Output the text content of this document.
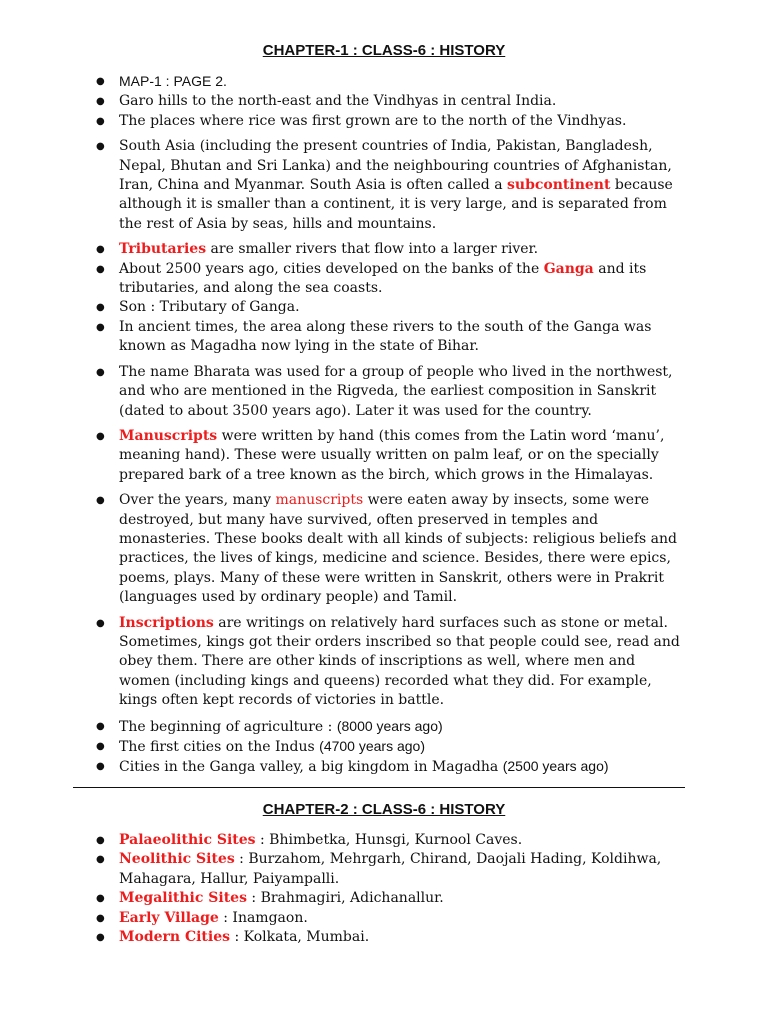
CHAPTER-1 : CLASS-6 : HISTORY
● MAP-1 : PAGE 2.
● Garo hills to the north-east and the Vindhyas in central India.
● The places where rice was first grown are to the north of the Vindhyas.
● South Asia (including the present countries of India, Pakistan, Bangladesh, Nepal, Bhutan and Sri Lanka) and the neighbouring countries of Afghanistan, Iran, China and Myanmar. South Asia is often called a subcontinent because although it is smaller than a continent, it is very large, and is separated from the rest of Asia by seas, hills and mountains.
● Tributaries are smaller rivers that flow into a larger river.
● About 2500 years ago, cities developed on the banks of the Ganga and its tributaries, and along the sea coasts.
● Son : Tributary of Ganga.
● In ancient times, the area along these rivers to the south of the Ganga was known as Magadha now lying in the state of Bihar.
● The name Bharata was used for a group of people who lived in the northwest, and who are mentioned in the Rigveda, the earliest composition in Sanskrit (dated to about 3500 years ago). Later it was used for the country.
● Manuscripts were written by hand (this comes from the Latin word ‘manu’, meaning hand). These were usually written on palm leaf, or on the specially prepared bark of a tree known as the birch, which grows in the Himalayas.
● Over the years, many manuscripts were eaten away by insects, some were destroyed, but many have survived, often preserved in temples and monasteries. These books dealt with all kinds of subjects: religious beliefs and practices, the lives of kings, medicine and science. Besides, there were epics, poems, plays. Many of these were written in Sanskrit, others were in Prakrit (languages used by ordinary people) and Tamil.
● Inscriptions are writings on relatively hard surfaces such as stone or metal. Sometimes, kings got their orders inscribed so that people could see, read and obey them. There are other kinds of inscriptions as well, where men and women (including kings and queens) recorded what they did. For example, kings often kept records of victories in battle.
● The beginning of agriculture : (8000 years ago)
● The first cities on the Indus (4700 years ago)
● Cities in the Ganga valley, a big kingdom in Magadha (2500 years ago)
CHAPTER-2 : CLASS-6 : HISTORY
● Palaeolithic Sites : Bhimbetka, Hunsgi, Kurnool Caves.
● Neolithic Sites : Burzahom, Mehrgarh, Chirand, Daojali Hading, Koldihwa, Mahagara, Hallur, Paiyampalli.
● Megalithic Sites : Brahmagiri, Adichanallur.
● Early Village : Inamgaon.
● Modern Cities : Kolkata, Mumbai.
